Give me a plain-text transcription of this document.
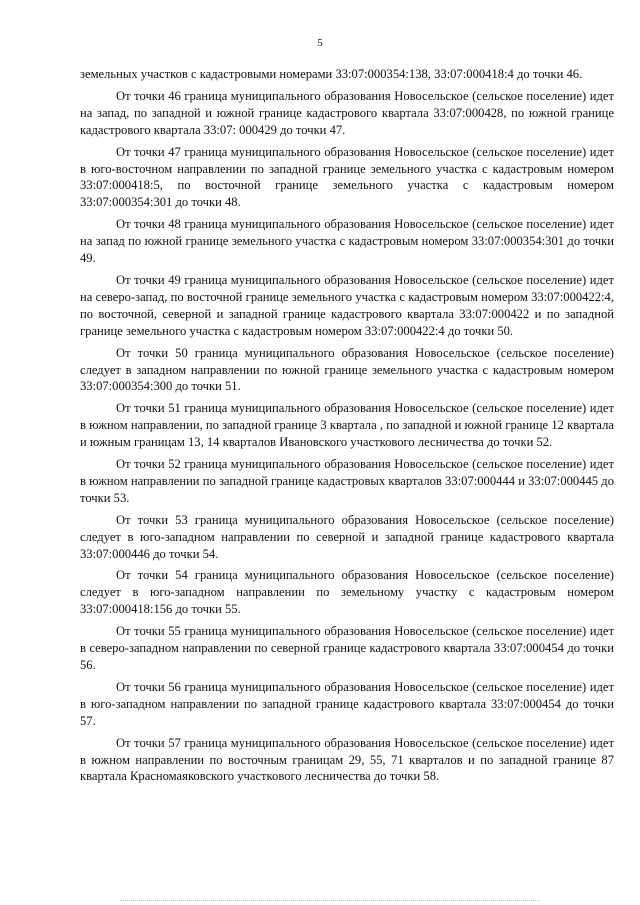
5

земельных участков с кадастровыми номерами 33:07:000354:138, 33:07:000418:4 до точки 46.

От точки 46 граница муниципального образования Новосельское (сельское поселение) идет на запад, по западной и южной границе кадастрового квартала 33:07:000428, по южной границе кадастрового квартала 33:07: 000429 до точки 47.

От точки 47 граница муниципального образования Новосельское (сельское поселение) идет в юго-восточном направлении по западной границе земельного участка с кадастровым номером 33:07:000418:5, по восточной границе земельного участка с кадастровым номером 33:07:000354:301 до точки 48.

От точки 48 граница муниципального образования Новосельское (сельское поселение) идет на запад по южной границе земельного участка с кадастровым номером 33:07:000354:301 до точки 49.

От точки 49 граница муниципального образования Новосельское (сельское поселение) идет на северо-запад, по восточной границе земельного участка с кадастровым номером 33:07:000422:4, по восточной, северной и западной границе кадастрового квартала 33:07:000422 и по западной границе земельного участка с кадастровым номером 33:07:000422:4 до точки 50.

От точки 50 граница муниципального образования Новосельское (сельское поселение) следует в западном направлении по южной границе земельного участка с кадастровым номером 33:07:000354:300 до точки 51.

От точки 51 граница муниципального образования Новосельское (сельское поселение) идет в южном направлении, по западной границе 3 квартала , по западной и южной границе 12 квартала и южным границам 13, 14 кварталов Ивановского участкового лесничества до точки 52.

От точки 52 граница муниципального образования Новосельское (сельское поселение) идет в южном направлении по западной границе кадастровых кварталов 33:07:000444 и 33:07:000445 до точки 53.

От точки 53 граница муниципального образования Новосельское (сельское поселение) следует в юго-западном направлении по северной и западной границе кадастрового квартала 33:07:000446 до точки 54.

От точки 54 граница муниципального образования Новосельское (сельское поселение) следует в юго-западном направлении по земельному участку с кадастровым номером 33:07:000418:156 до точки 55.

От точки 55 граница муниципального образования Новосельское (сельское поселение) идет в северо-западном направлении по северной границе кадастрового квартала 33:07:000454 до точки 56.

От точки 56 граница муниципального образования Новосельское (сельское поселение) идет в юго-западном направлении по западной границе кадастрового квартала 33:07:000454 до точки 57.

От точки 57 граница муниципального образования Новосельское (сельское поселение) идет в южном направлении по восточным границам 29, 55, 71 кварталов и по западной границе 87 квартала Красномаяковского участкового лесничества до точки 58.
